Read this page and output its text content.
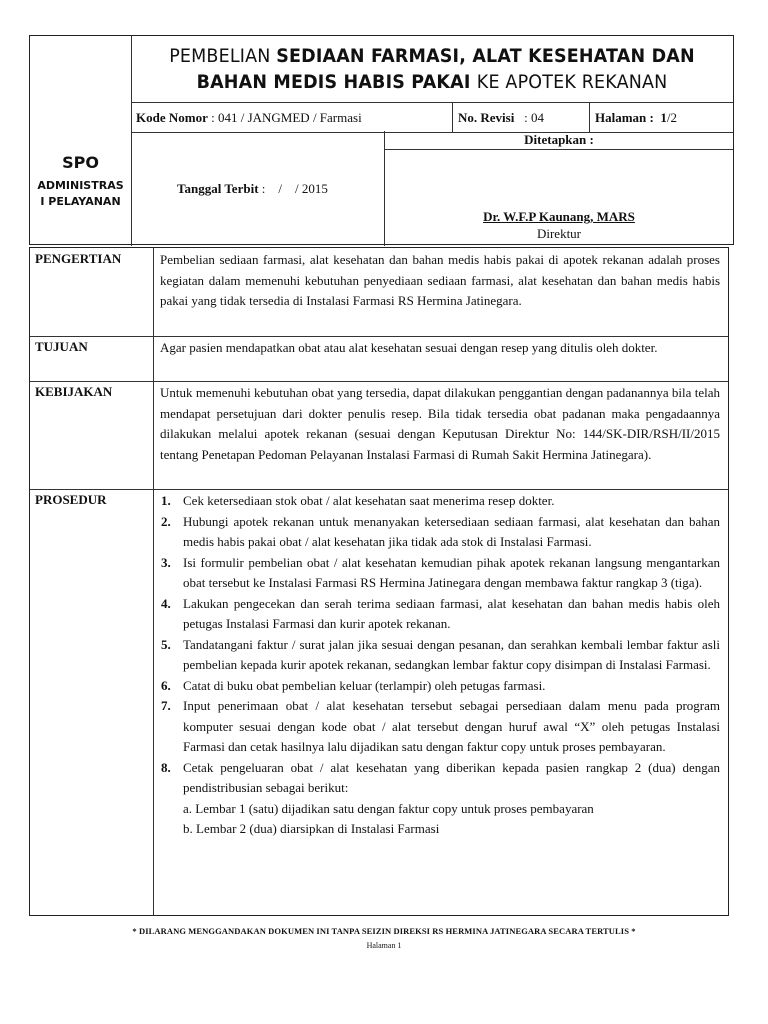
PEMBELIAN SEDIAAN FARMASI, ALAT KESEHATAN DAN
BAHAN MEDIS HABIS PAKAI KE APOTEK REKANAN
Kode Nomor : 041 / JANGMED / Farmasi	No. Revisi : 04	Halaman : 1/2
SPO
ADMINISTRAS
I PELAYANAN
Tanggal Terbit :    /    / 2015
Ditetapkan :
Dr. W.F.P Kaunang, MARS
Direktur
PENGERTIAN	Pembelian sediaan farmasi, alat kesehatan dan bahan medis habis pakai di apotek rekanan adalah proses kegiatan dalam memenuhi kebutuhan penyediaan sediaan farmasi, alat kesehatan dan bahan medis habis pakai yang tidak tersedia di Instalasi Farmasi RS Hermina Jatinegara.
TUJUAN	Agar pasien mendapatkan obat atau alat kesehatan sesuai dengan resep yang ditulis oleh dokter.
KEBIJAKAN	Untuk memenuhi kebutuhan obat yang tersedia, dapat dilakukan penggantian dengan padanannya bila telah mendapat persetujuan dari dokter penulis resep. Bila tidak tersedia obat padanan maka pengadaannya dilakukan melalui apotek rekanan (sesuai dengan Keputusan Direktur No: 144/SK-DIR/RSH/II/2015 tentang Penetapan Pedoman Pelayanan Instalasi Farmasi di Rumah Sakit Hermina Jatinegara).
PROSEDUR	1. Cek ketersediaan stok obat / alat kesehatan saat menerima resep dokter.
2. Hubungi apotek rekanan untuk menanyakan ketersediaan sediaan farmasi, alat kesehatan dan bahan medis habis pakai obat / alat kesehatan jika tidak ada stok di Instalasi Farmasi.
3. Isi formulir pembelian obat / alat kesehatan kemudian pihak apotek rekanan langsung mengantarkan obat tersebut ke Instalasi Farmasi RS Hermina Jatinegara dengan membawa faktur rangkap 3 (tiga).
4. Lakukan pengecekan dan serah terima sediaan farmasi, alat kesehatan dan bahan medis habis oleh petugas Instalasi Farmasi dan kurir apotek rekanan.
5. Tandatangani faktur / surat jalan jika sesuai dengan pesanan, dan serahkan kembali lembar faktur asli pembelian kepada kurir apotek rekanan, sedangkan lembar faktur copy disimpan di Instalasi Farmasi.
6. Catat di buku obat pembelian keluar (terlampir) oleh petugas farmasi.
7. Input penerimaan obat / alat kesehatan tersebut sebagai persediaan dalam menu pada program komputer sesuai dengan kode obat / alat tersebut dengan huruf awal “X” oleh petugas Instalasi Farmasi dan cetak hasilnya lalu dijadikan satu dengan faktur copy untuk proses pembayaran.
8. Cetak pengeluaran obat / alat kesehatan yang diberikan kepada pasien rangkap 2 (dua) dengan pendistribusian sebagai berikut:
a. Lembar 1 (satu) dijadikan satu dengan faktur copy untuk proses pembayaran
b. Lembar 2 (dua) diarsipkan di Instalasi Farmasi
* DILARANG MENGGANDAKAN DOKUMEN INI TANPA SEIZIN DIREKSI RS HERMINA JATINEGARA SECARA TERTULIS *
Halaman 1
